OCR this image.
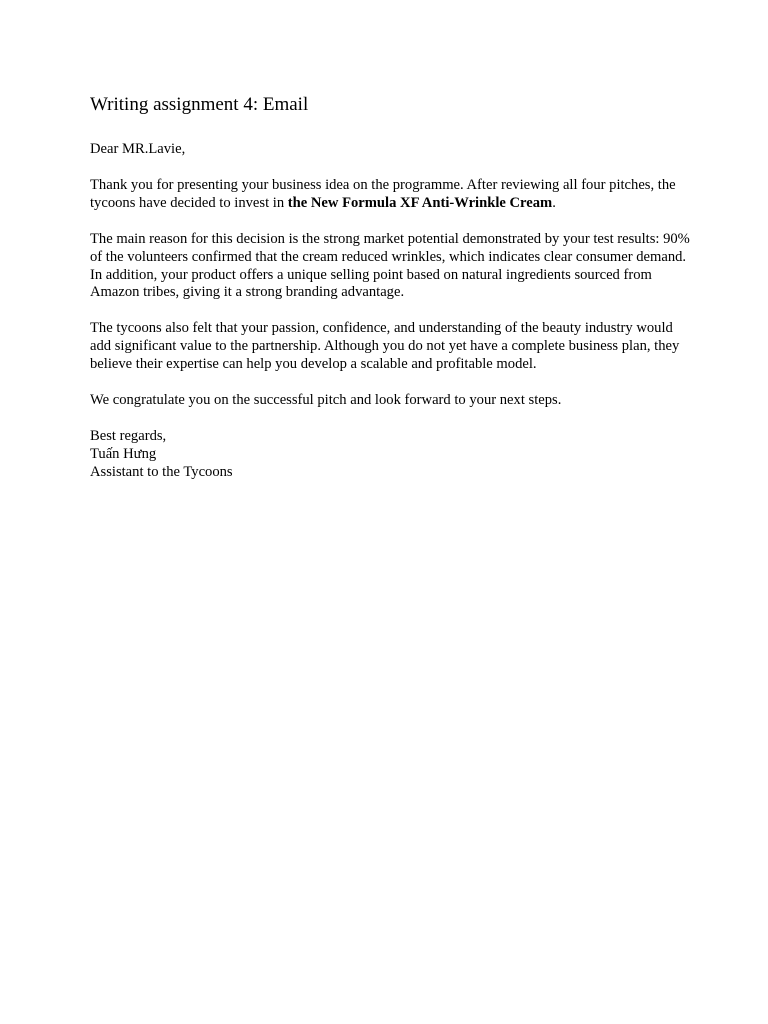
Writing assignment 4: Email

Dear MR.Lavie,

Thank you for presenting your business idea on the programme. After reviewing all four pitches, the tycoons have decided to invest in the New Formula XF Anti-Wrinkle Cream.

The main reason for this decision is the strong market potential demonstrated by your test results: 90% of the volunteers confirmed that the cream reduced wrinkles, which indicates clear consumer demand. In addition, your product offers a unique selling point based on natural ingredients sourced from Amazon tribes, giving it a strong branding advantage.

The tycoons also felt that your passion, confidence, and understanding of the beauty industry would add significant value to the partnership. Although you do not yet have a complete business plan, they believe their expertise can help you develop a scalable and profitable model.

We congratulate you on the successful pitch and look forward to your next steps.

Best regards,
Tuấn Hưng
Assistant to the Tycoons
